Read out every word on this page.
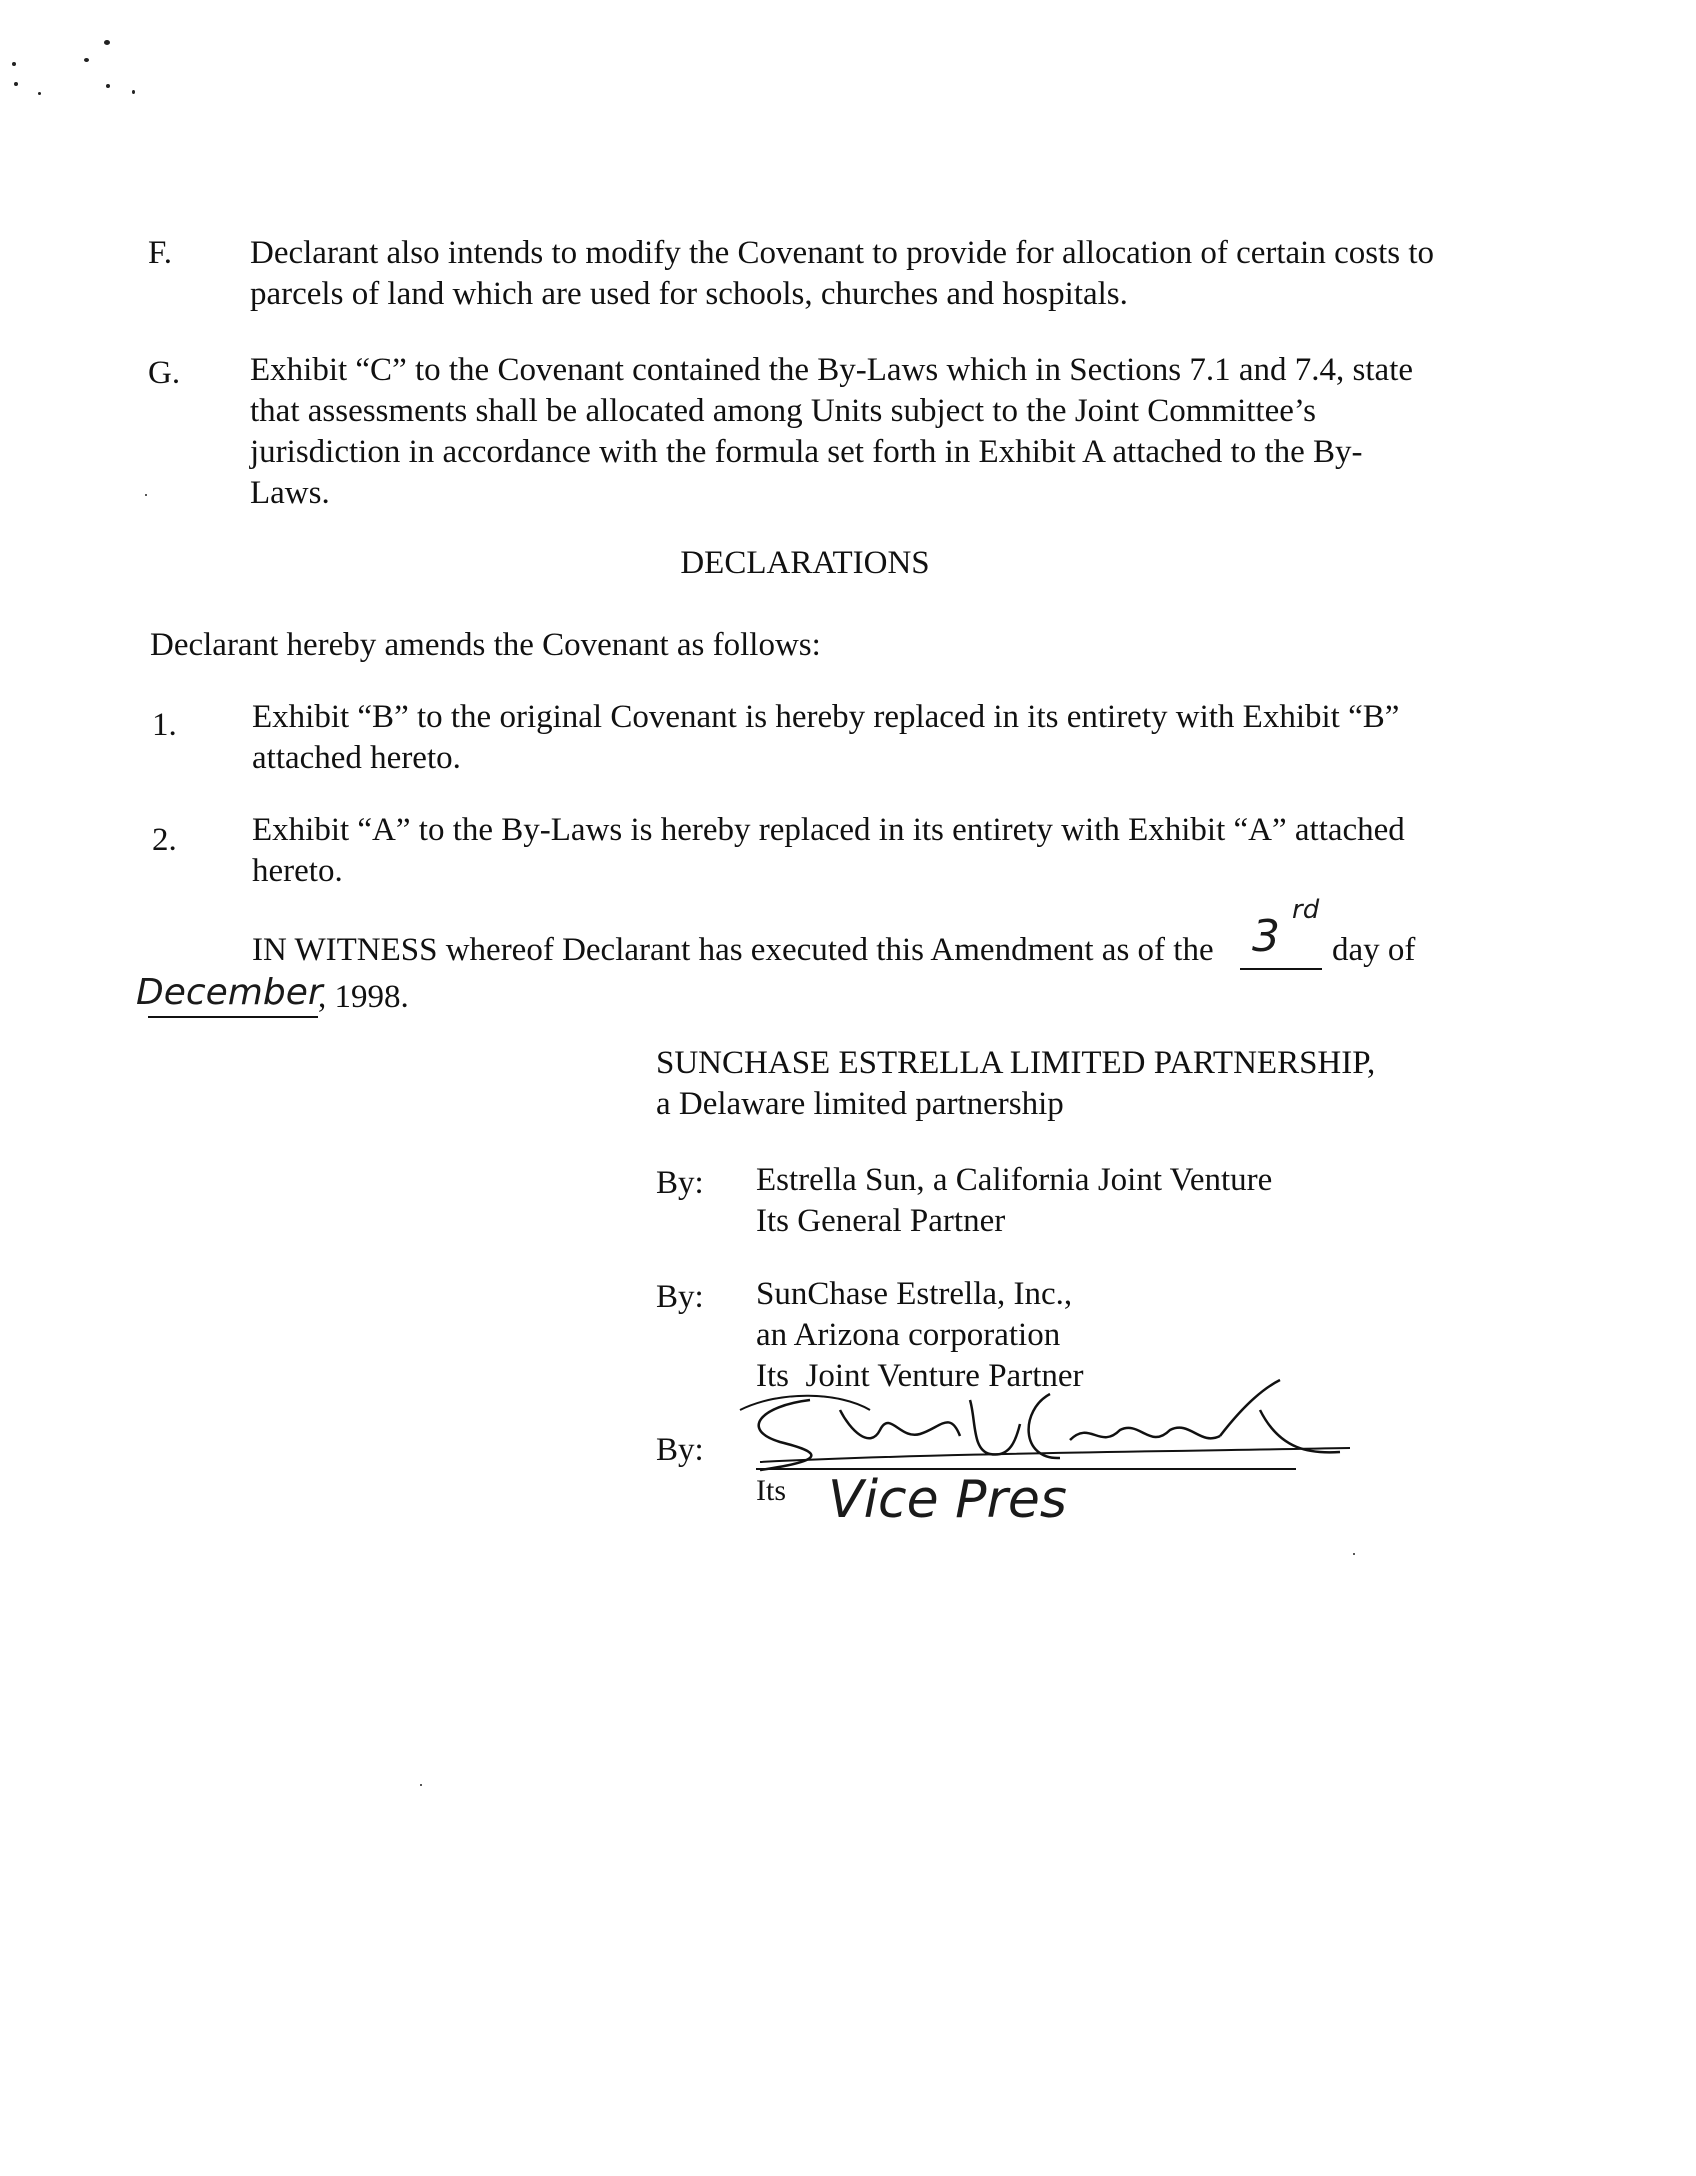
F. Declarant also intends to modify the Covenant to provide for allocation of certain costs to
parcels of land which are used for schools, churches and hospitals.
G. Exhibit “C” to the Covenant contained the By-Laws which in Sections 7.1 and 7.4, state
that assessments shall be allocated among Units subject to the Joint Committee’s
jurisdiction in accordance with the formula set forth in Exhibit A attached to the By-
Laws.
DECLARATIONS
Declarant hereby amends the Covenant as follows:
1. Exhibit “B” to the original Covenant is hereby replaced in its entirety with Exhibit “B”
attached hereto.
2. Exhibit “A” to the By-Laws is hereby replaced in its entirety with Exhibit “A” attached
hereto.
IN WITNESS whereof Declarant has executed this Amendment as of the 3
rd
day of
December
, 1998.
SUNCHASE ESTRELLA LIMITED PARTNERSHIP,
a Delaware limited partnership
By: Estrella Sun, a California Joint Venture
Its General Partner
By: SunChase Estrella, Inc.,
an Arizona corporation
Its  Joint Venture Partner
By:
Its Vice Pres
